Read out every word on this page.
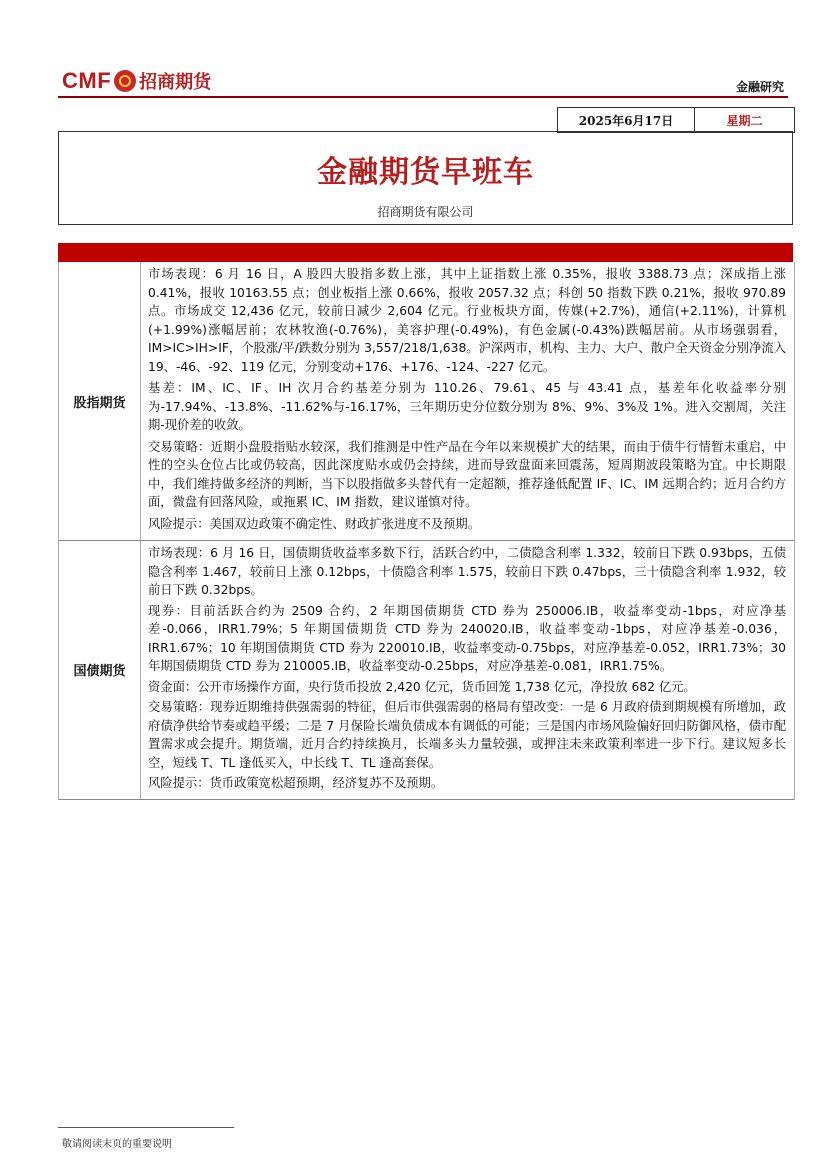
CMF 招商期货	金融研究
2025年6月17日	星期二
金融期货早班车
招商期货有限公司
股指期货

市场表现：6 月 16 日，A 股四大股指多数上涨，其中上证指数上涨 0.35%，报收 3388.73 点；深成指上涨 0.41%，报收 10163.55 点；创业板指上涨 0.66%，报收 2057.32 点；科创 50 指数下跌 0.21%，报收 970.89 点。市场成交 12,436 亿元，较前日减少 2,604 亿元。行业板块方面，传媒(+2.7%)，通信(+2.11%)，计算机(+1.99%)涨幅居前；农林牧渔(-0.76%)，美容护理(-0.49%)，有色金属(-0.43%)跌幅居前。从市场强弱看，IM>IC>IH>IF，个股涨/平/跌数分别为 3,557/218/1,638。沪深两市，机构、主力、大户、散户全天资金分别净流入 19、-46、-92、119 亿元，分别变动+176、+176、-124、-227 亿元。

基差：IM、IC、IF、IH 次月合约基差分别为 110.26、79.61、45 与 43.41 点，基差年化收益率分别为-17.94%、-13.8%、-11.62%与-16.17%，三年期历史分位数分别为 8%、9%、3%及 1%。进入交割周，关注期-现价差的收敛。

交易策略：近期小盘股指贴水较深，我们推测是中性产品在今年以来规模扩大的结果，而由于债牛行情暂未重启，中性的空头仓位占比或仍较高，因此深度贴水或仍会持续，进而导致盘面来回震荡，短周期波段策略为宜。中长期限中，我们维持做多经济的判断，当下以股指做多头替代有一定超额，推荐逢低配置 IF、IC、IM 远期合约；近月合约方面，微盘有回落风险，或拖累 IC、IM 指数，建议谨慎对待。

风险提示：美国双边政策不确定性、财政扩张进度不及预期。

国债期货

市场表现：6 月 16 日，国债期货收益率多数下行，活跃合约中，二债隐含利率 1.332，较前日下跌 0.93bps，五债隐含利率 1.467，较前日上涨 0.12bps，十债隐含利率 1.575，较前日下跌 0.47bps，三十债隐含利率 1.932，较前日下跌 0.32bps。

现券：目前活跃合约为 2509 合约，2 年期国债期货 CTD 券为 250006.IB，收益率变动-1bps，对应净基差-0.066，IRR1.79%；5 年期国债期货 CTD 券为 240020.IB，收益率变动-1bps，对应净基差-0.036，IRR1.67%；10 年期国债期货 CTD 券为 220010.IB，收益率变动-0.75bps，对应净基差-0.052，IRR1.73%；30 年期国债期货 CTD 券为 210005.IB，收益率变动-0.25bps，对应净基差-0.081，IRR1.75%。

资金面：公开市场操作方面，央行货币投放 2,420 亿元，货币回笼 1,738 亿元，净投放 682 亿元。

交易策略：现券近期维持供强需弱的特征，但后市供强需弱的格局有望改变：一是 6 月政府债到期规模有所增加，政府债净供给节奏或趋平缓；二是 7 月保险长端负债成本有调低的可能；三是国内市场风险偏好回归防御风格，债市配置需求或会提升。期货端，近月合约持续换月，长端多头力量较强，或押注未来政策利率进一步下行。建议短多长空，短线 T、TL 逢低买入，中长线 T、TL 逢高套保。

风险提示：货币政策宽松超预期，经济复苏不及预期。

敬请阅读末页的重要说明
